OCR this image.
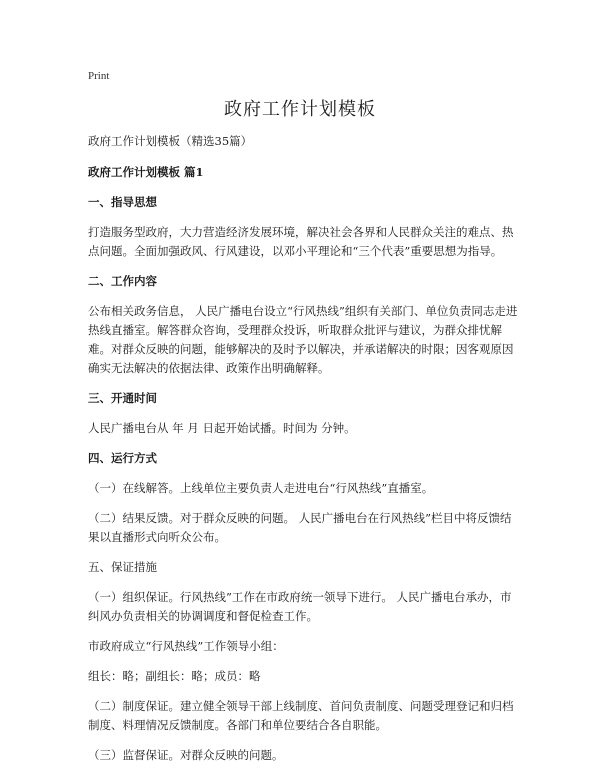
Print
政府工作计划模板

政府工作计划模板（精选35篇）

政府工作计划模板 篇1

一、指导思想

打造服务型政府，大力营造经济发展环境，解决社会各界和人民群众关注的难点、热点问题。全面加强政风、行风建设，以邓小平理论和“三个代表”重要思想为指导。

二、工作内容

公布相关政务信息， 人民广播电台设立“行风热线”组织有关部门、单位负责同志走进热线直播室。解答群众咨询，受理群众投诉，听取群众批评与建议，为群众排忧解难。对群众反映的问题，能够解决的及时予以解决，并承诺解决的时限；因客观原因确实无法解决的依据法律、政策作出明确解释。

三、开通时间

人民广播电台从 年 月 日起开始试播。时间为 分钟。

四、运行方式

（一）在线解答。上线单位主要负责人走进电台“行风热线”直播室。

（二）结果反馈。对于群众反映的问题。 人民广播电台在行风热线”栏目中将反馈结果以直播形式向听众公布。

五、保证措施

（一）组织保证。行风热线”工作在市政府统一领导下进行。 人民广播电台承办，市纠风办负责相关的协调调度和督促检查工作。

市政府成立“行风热线”工作领导小组：

组长：略；副组长：略；成员：略

（二）制度保证。建立健全领导干部上线制度、首问负责制度、问题受理登记和归档制度、料理情况反馈制度。各部门和单位要结合各自职能。

（三）监督保证。对群众反映的问题。
